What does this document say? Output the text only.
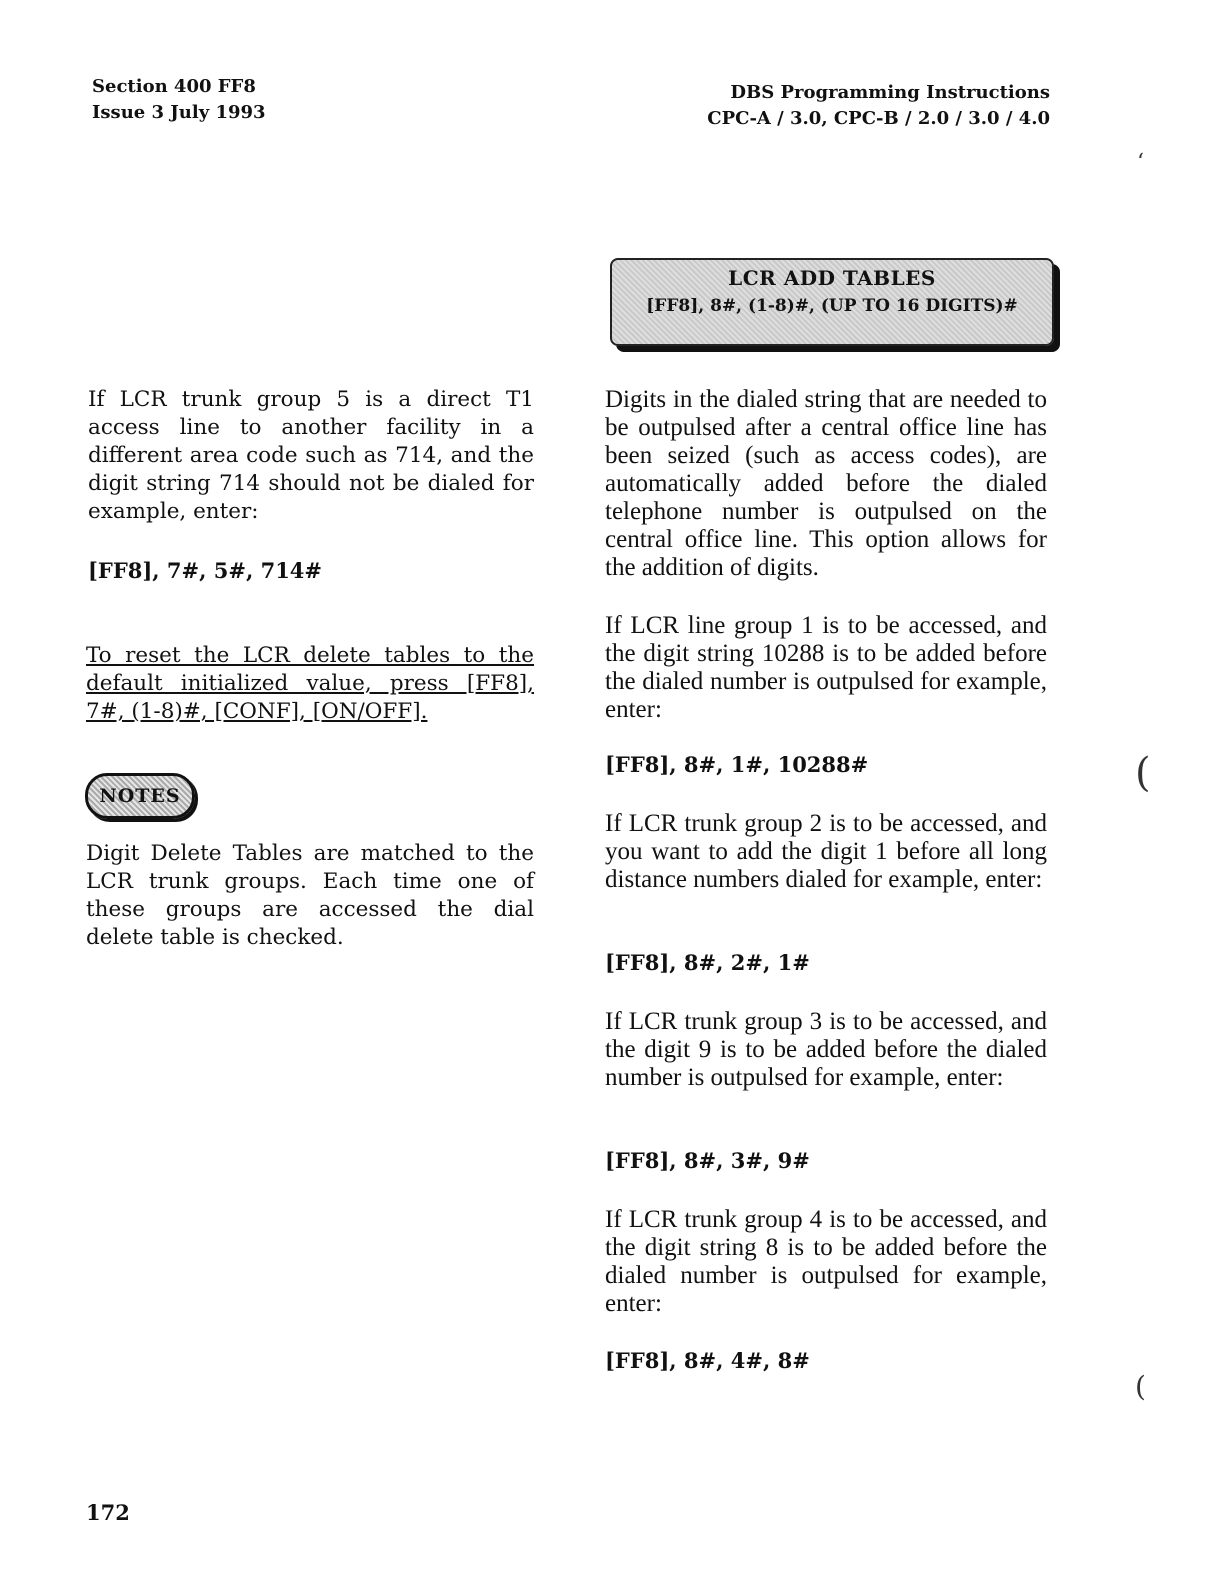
Section 400 FF8
Issue 3 July 1993
DBS Programming Instructions
CPC-A / 3.0, CPC-B / 2.0 / 3.0 / 4.0
LCR ADD TABLES
[FF8], 8#, (1-8)#, (UP TO 16 DIGITS)#
If LCR trunk group 5 is a direct T1 access line to another facility in a different area code such as 714, and the digit string 714 should not be dialed for example, enter:
[FF8], 7#, 5#, 714#
To reset the LCR delete tables to the default initialized value, press [FF8], 7#, (1-8)#, [CONF], [ON/OFF].
NOTES
Digit Delete Tables are matched to the LCR trunk groups. Each time one of these groups are accessed the dial delete table is checked.
Digits in the dialed string that are needed to be outpulsed after a central office line has been seized (such as access codes), are automatically added before the dialed telephone number is outpulsed on the central office line. This option allows for the addition of digits.
If LCR line group 1 is to be accessed, and the digit string 10288 is to be added before the dialed number is outpulsed for example, enter:
[FF8], 8#, 1#, 10288#
If LCR trunk group 2 is to be accessed, and you want to add the digit 1 before all long distance numbers dialed for example, enter:
[FF8], 8#, 2#, 1#
If LCR trunk group 3 is to be accessed, and the digit 9 is to be added before the dialed number is outpulsed for example, enter:
[FF8], 8#, 3#, 9#
If LCR trunk group 4 is to be accessed, and the digit string 8 is to be added before the dialed number is outpulsed for example, enter:
[FF8], 8#, 4#, 8#
ʻ
(
(
172
